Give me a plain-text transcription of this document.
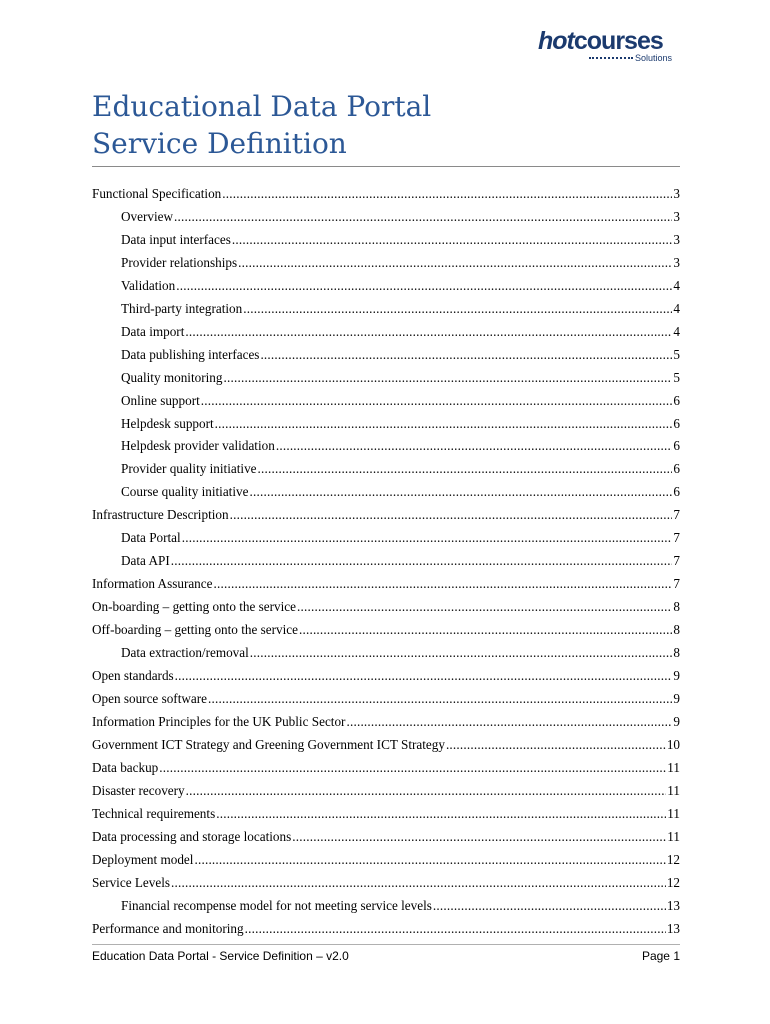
hotcourses
Solutions
Educational Data Portal
Service Definition
Functional Specification .....	3
Overview .....	3
Data input interfaces .....	3
Provider relationships .....	3
Validation .....	4
Third-party integration .....	4
Data import .....	4
Data publishing interfaces .....	5
Quality monitoring .....	5
Online support .....	6
Helpdesk support .....	6
Helpdesk provider validation .....	6
Provider quality initiative .....	6
Course quality initiative .....	6
Infrastructure Description .....	7
Data Portal .....	7
Data API .....	7
Information Assurance .....	7
On-boarding – getting onto the service .....	8
Off-boarding – getting onto the service .....	8
Data extraction/removal .....	8
Open standards .....	9
Open source software .....	9
Information Principles for the UK Public Sector .....	9
Government ICT Strategy and Greening Government ICT Strategy .....	10
Data backup .....	11
Disaster recovery .....	11
Technical requirements .....	11
Data processing and storage locations .....	11
Deployment model .....	12
Service Levels .....	12
Financial recompense model for not meeting service levels .....	13
Performance and monitoring .....	13
Education Data Portal - Service Definition – v2.0	Page 1
